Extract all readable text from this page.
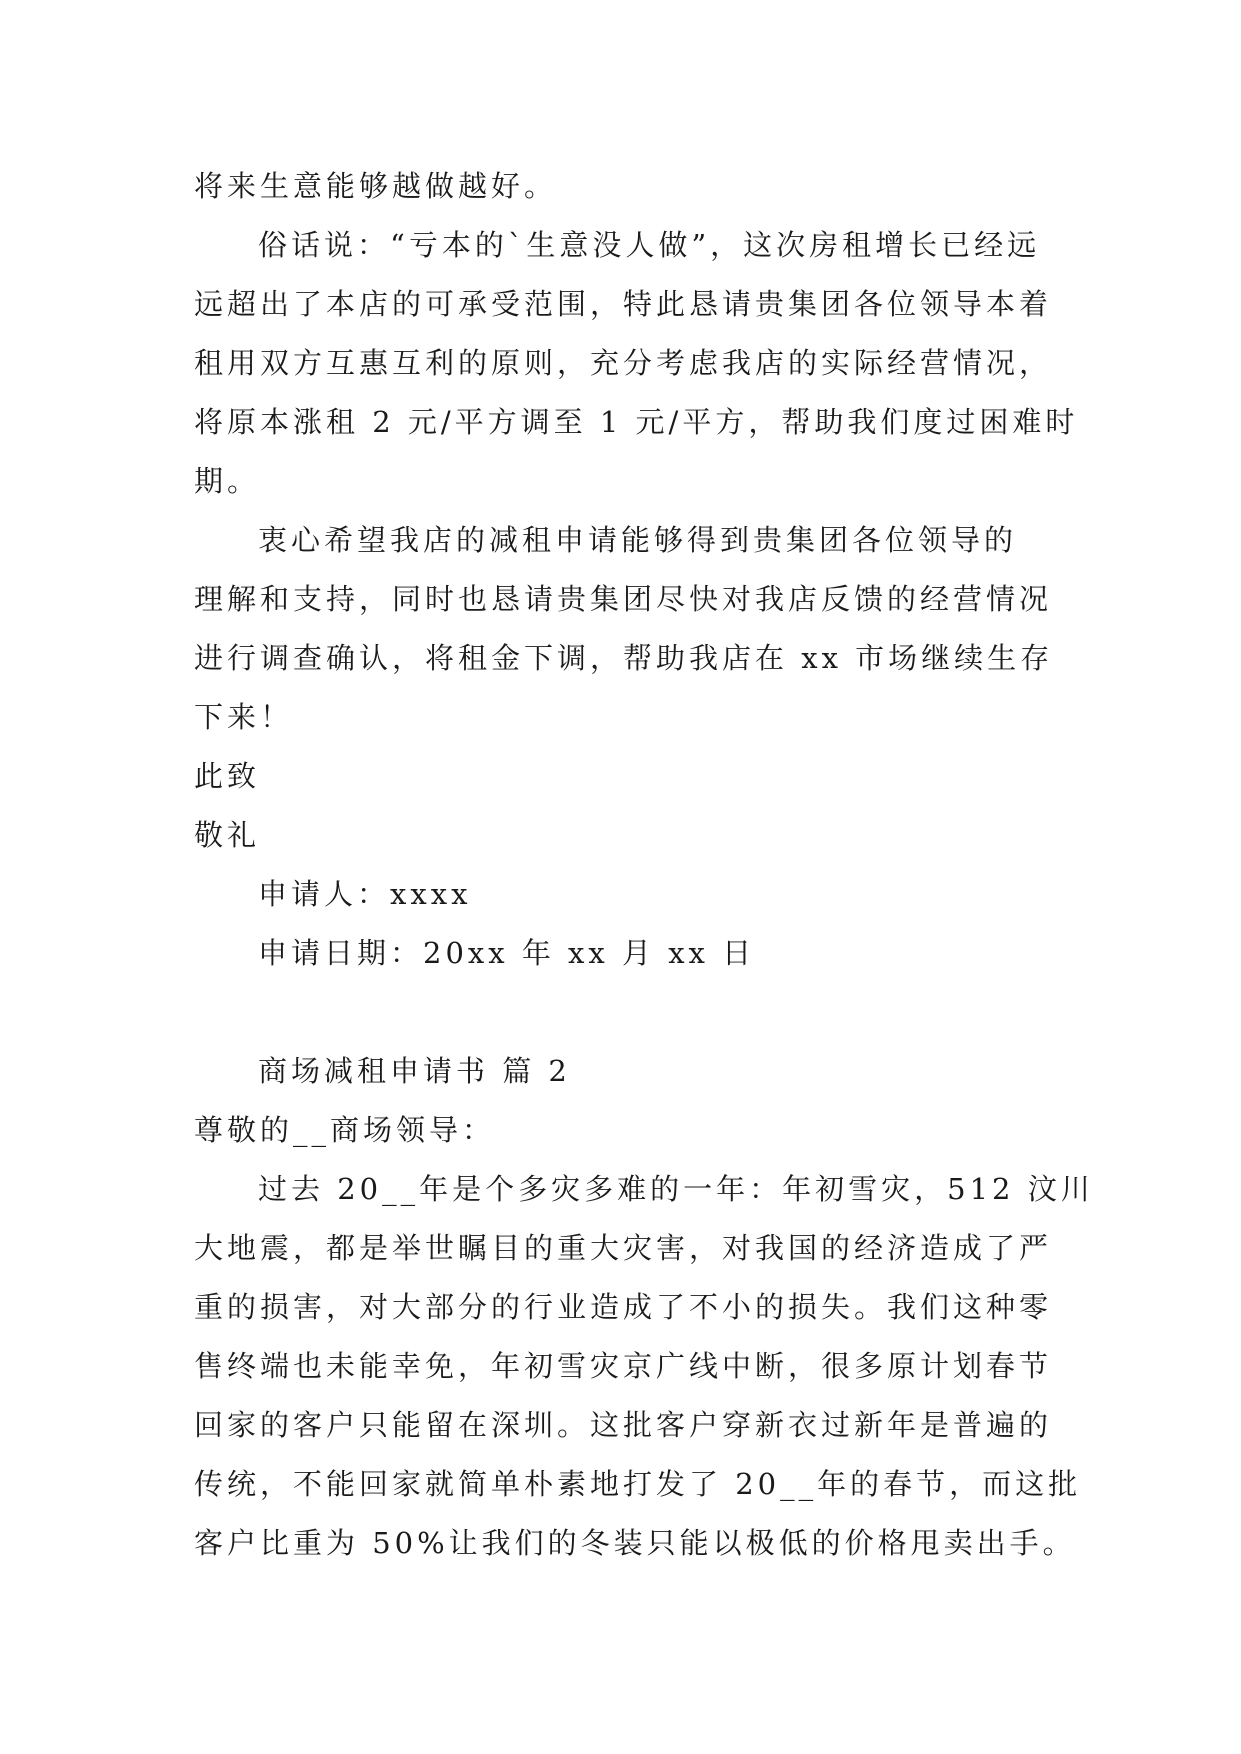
将来生意能够越做越好。
俗话说：“亏本的`生意没人做”，这次房租增长已经远
远超出了本店的可承受范围，特此恳请贵集团各位领导本着
租用双方互惠互利的原则，充分考虑我店的实际经营情况，
将原本涨租 2 元/平方调至 1 元/平方，帮助我们度过困难时
期。
衷心希望我店的减租申请能够得到贵集团各位领导的
理解和支持，同时也恳请贵集团尽快对我店反馈的经营情况
进行调查确认，将租金下调，帮助我店在 xx 市场继续生存
下来！
此致
敬礼
申请人：xxxx
申请日期：20xx 年 xx 月 xx 日
商场减租申请书 篇 2
尊敬的__商场领导：
过去 20__年是个多灾多难的一年：年初雪灾，512 汶川
大地震，都是举世瞩目的重大灾害，对我国的经济造成了严
重的损害，对大部分的行业造成了不小的损失。我们这种零
售终端也未能幸免，年初雪灾京广线中断，很多原计划春节
回家的客户只能留在深圳。这批客户穿新衣过新年是普遍的
传统，不能回家就简单朴素地打发了 20__年的春节，而这批
客户比重为 50%让我们的冬装只能以极低的价格甩卖出手。
